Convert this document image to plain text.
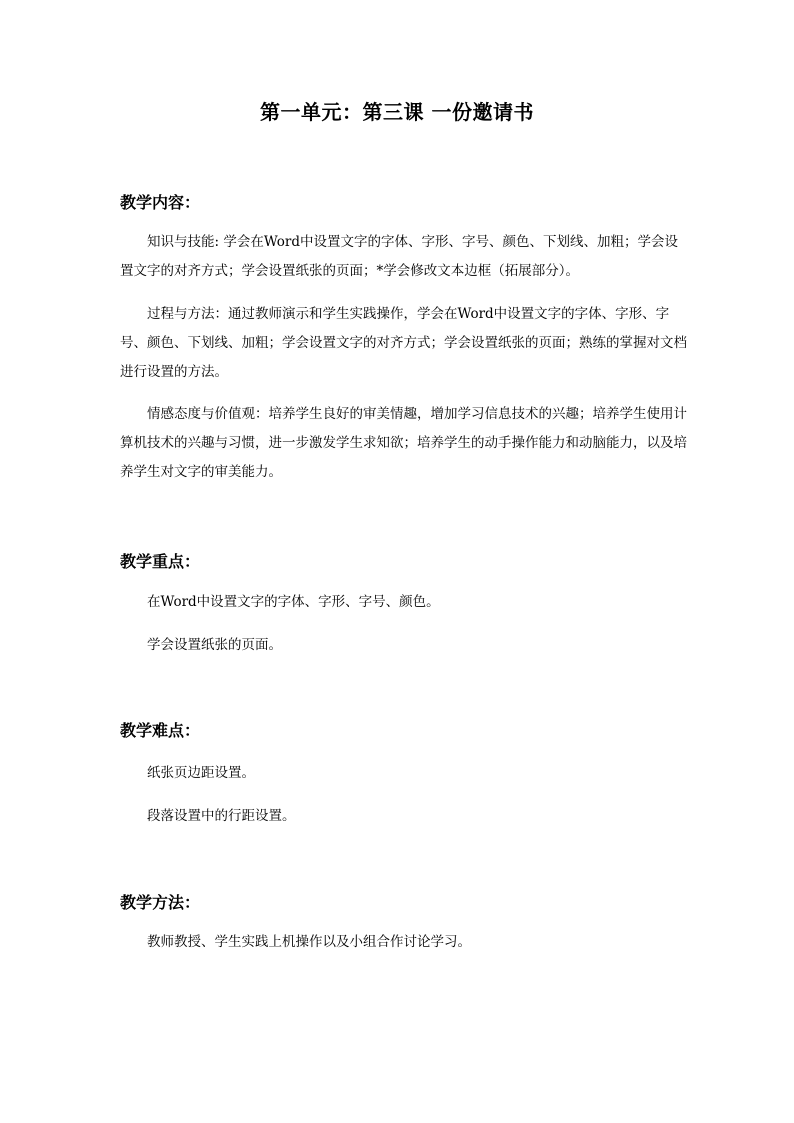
第一单元：第三课 一份邀请书
教学内容：
知识与技能: 学会在Word中设置文字的字体、字形、字号、颜色、下划线、加粗；学会设置文字的对齐方式；学会设置纸张的页面；*学会修改文本边框（拓展部分）。
过程与方法：通过教师演示和学生实践操作，学会在Word中设置文字的字体、字形、字号、颜色、下划线、加粗；学会设置文字的对齐方式；学会设置纸张的页面；熟练的掌握对文档进行设置的方法。
情感态度与价值观：培养学生良好的审美情趣，增加学习信息技术的兴趣；培养学生使用计算机技术的兴趣与习惯，进一步激发学生求知欲；培养学生的动手操作能力和动脑能力，以及培养学生对文字的审美能力。
教学重点：
在Word中设置文字的字体、字形、字号、颜色。
学会设置纸张的页面。
教学难点：
纸张页边距设置。
段落设置中的行距设置。
教学方法：
教师教授、学生实践上机操作以及小组合作讨论学习。
